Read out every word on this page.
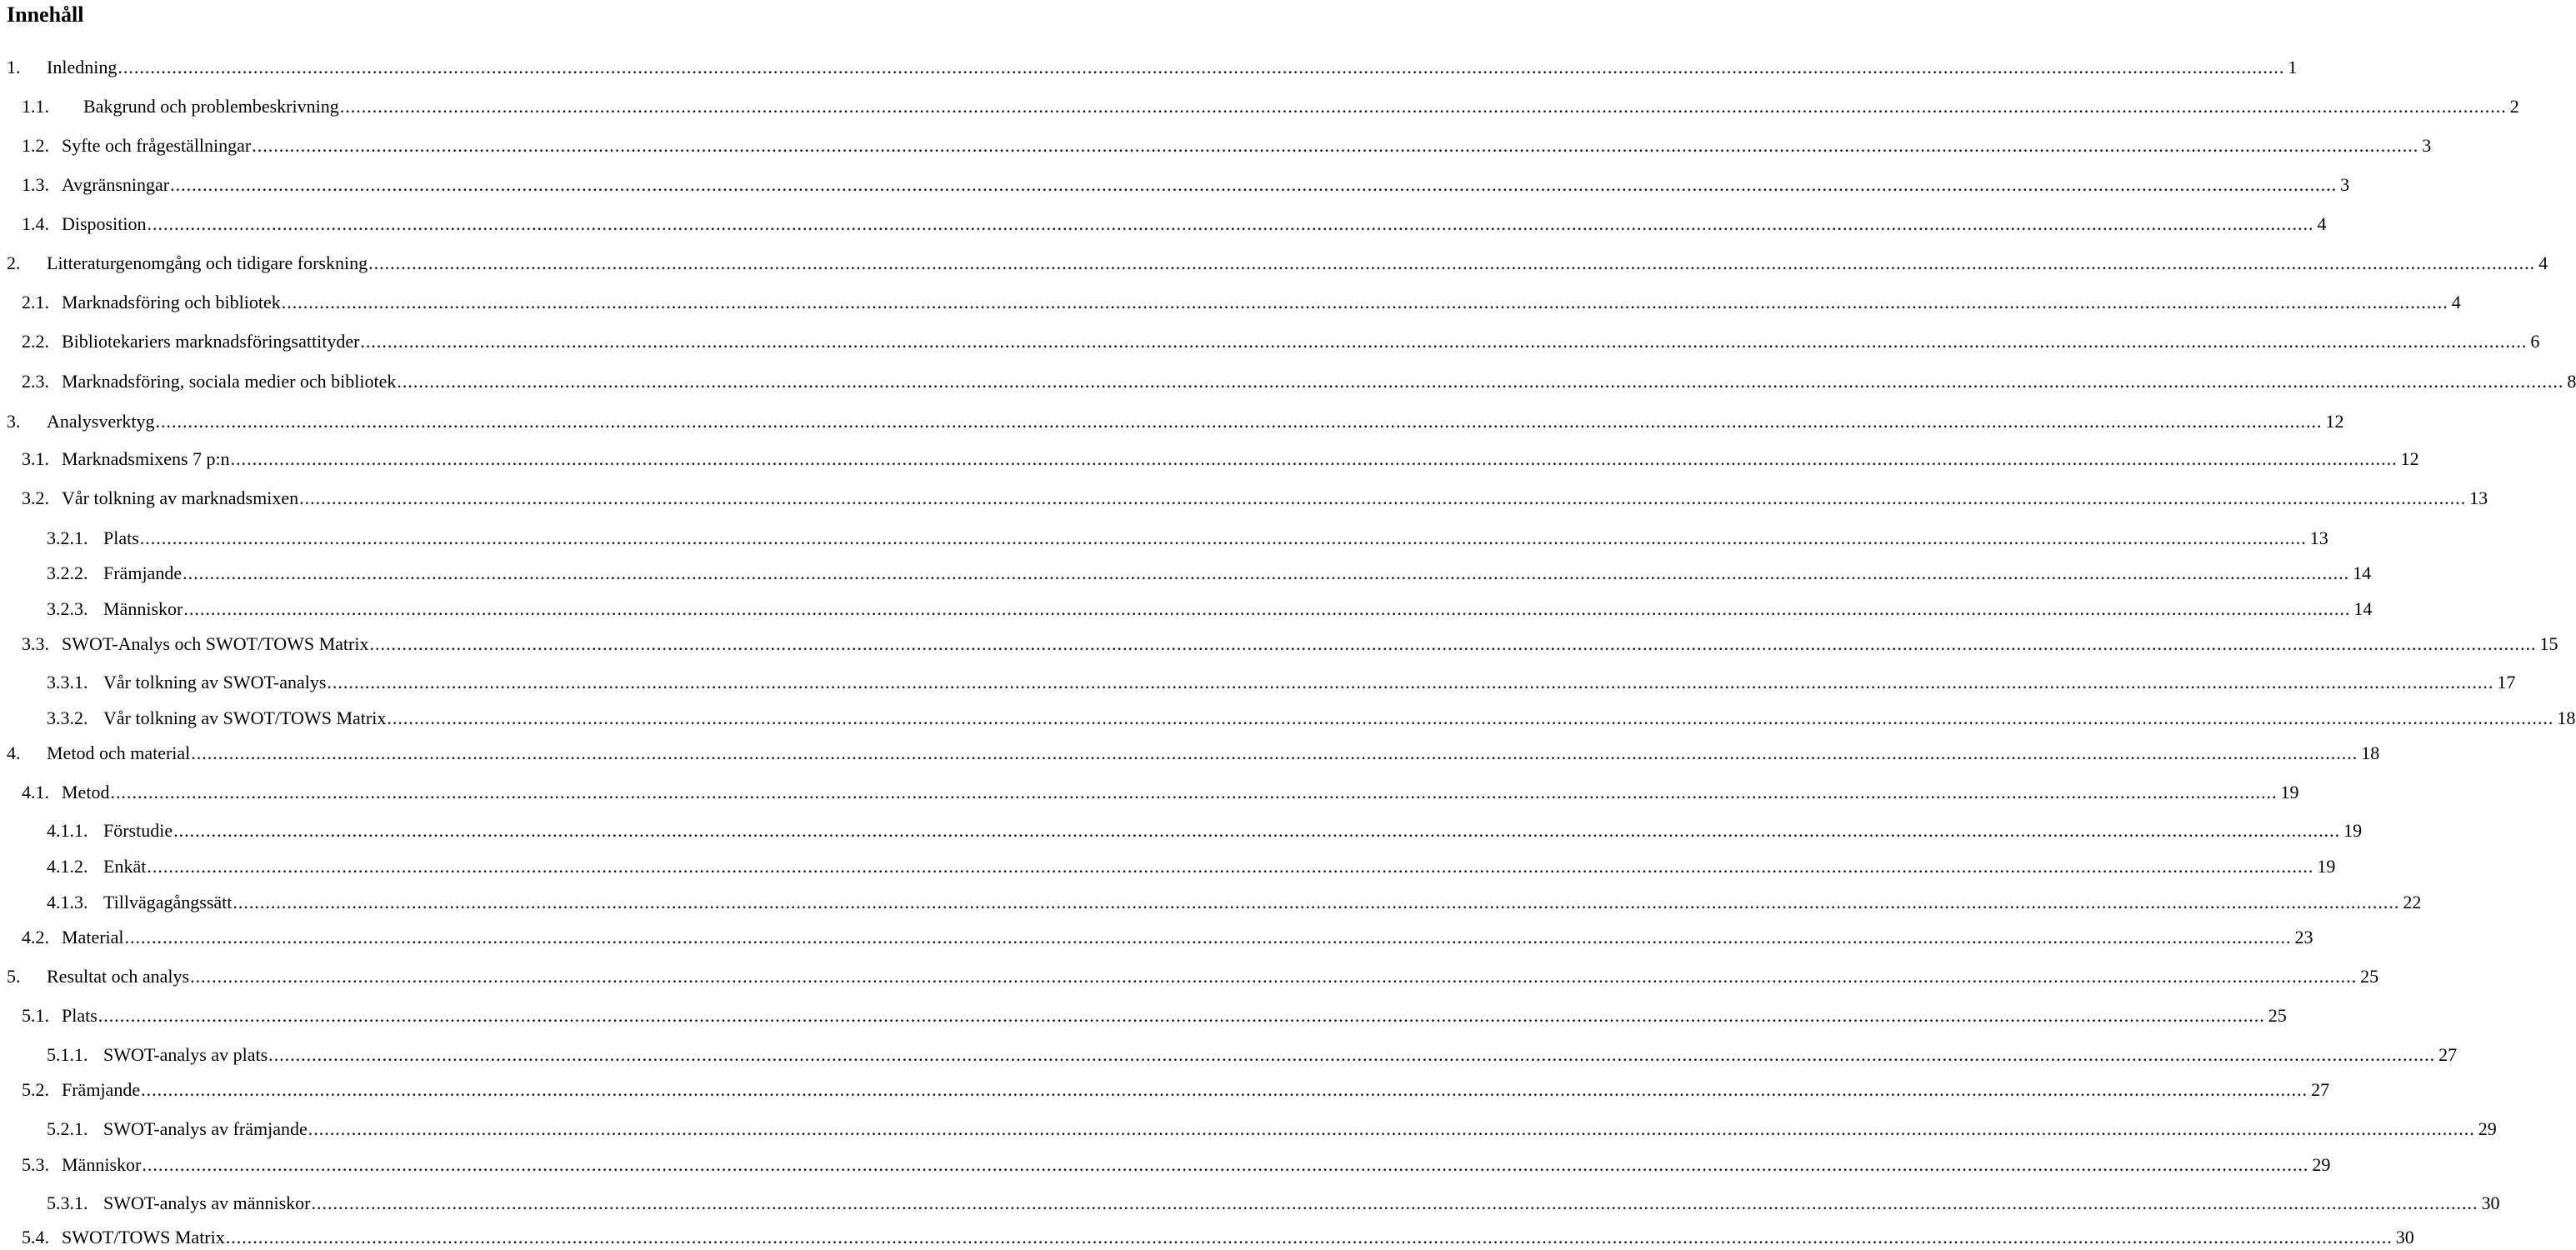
Innehåll
1. Inledning ................................................................................................................................................................................................................................................................................................................................................................................................................ 1
1.1. Bakgrund och problembeskrivning ................................................................................................................................................................................................................................................................................................................................................................................................................ 2
1.2. Syfte och frågeställningar ................................................................................................................................................................................................................................................................................................................................................................................................................ 3
1.3. Avgränsningar ................................................................................................................................................................................................................................................................................................................................................................................................................ 3
1.4. Disposition ................................................................................................................................................................................................................................................................................................................................................................................................................ 4
2. Litteraturgenomgång och tidigare forskning ................................................................................................................................................................................................................................................................................................................................................................................................................ 4
2.1. Marknadsföring och bibliotek ................................................................................................................................................................................................................................................................................................................................................................................................................ 4
2.2. Bibliotekariers marknadsföringsattityder ................................................................................................................................................................................................................................................................................................................................................................................................................ 6
2.3. Marknadsföring, sociala medier och bibliotek ................................................................................................................................................................................................................................................................................................................................................................................................................ 8
3. Analysverktyg ................................................................................................................................................................................................................................................................................................................................................................................................................ 12
3.1. Marknadsmixens 7 p:n ................................................................................................................................................................................................................................................................................................................................................................................................................ 12
3.2. Vår tolkning av marknadsmixen ................................................................................................................................................................................................................................................................................................................................................................................................................ 13
3.2.1. Plats ................................................................................................................................................................................................................................................................................................................................................................................................................ 13
3.2.2. Främjande ................................................................................................................................................................................................................................................................................................................................................................................................................ 14
3.2.3. Människor ................................................................................................................................................................................................................................................................................................................................................................................................................ 14
3.3. SWOT-Analys och SWOT/TOWS Matrix ................................................................................................................................................................................................................................................................................................................................................................................................................ 15
3.3.1. Vår tolkning av SWOT-analys ................................................................................................................................................................................................................................................................................................................................................................................................................ 17
3.3.2. Vår tolkning av SWOT/TOWS Matrix ................................................................................................................................................................................................................................................................................................................................................................................................................ 18
4. Metod och material ................................................................................................................................................................................................................................................................................................................................................................................................................ 18
4.1. Metod ................................................................................................................................................................................................................................................................................................................................................................................................................ 19
4.1.1. Förstudie ................................................................................................................................................................................................................................................................................................................................................................................................................ 19
4.1.2. Enkät ................................................................................................................................................................................................................................................................................................................................................................................................................ 19
4.1.3. Tillvägagångssätt ................................................................................................................................................................................................................................................................................................................................................................................................................ 22
4.2. Material ................................................................................................................................................................................................................................................................................................................................................................................................................ 23
5. Resultat och analys ................................................................................................................................................................................................................................................................................................................................................................................................................ 25
5.1. Plats ................................................................................................................................................................................................................................................................................................................................................................................................................ 25
5.1.1. SWOT-analys av plats ................................................................................................................................................................................................................................................................................................................................................................................................................ 27
5.2. Främjande ................................................................................................................................................................................................................................................................................................................................................................................................................ 27
5.2.1. SWOT-analys av främjande ................................................................................................................................................................................................................................................................................................................................................................................................................ 29
5.3. Människor ................................................................................................................................................................................................................................................................................................................................................................................................................ 29
5.3.1. SWOT-analys av människor ................................................................................................................................................................................................................................................................................................................................................................................................................ 30
5.4. SWOT/TOWS Matrix ................................................................................................................................................................................................................................................................................................................................................................................................................ 30
